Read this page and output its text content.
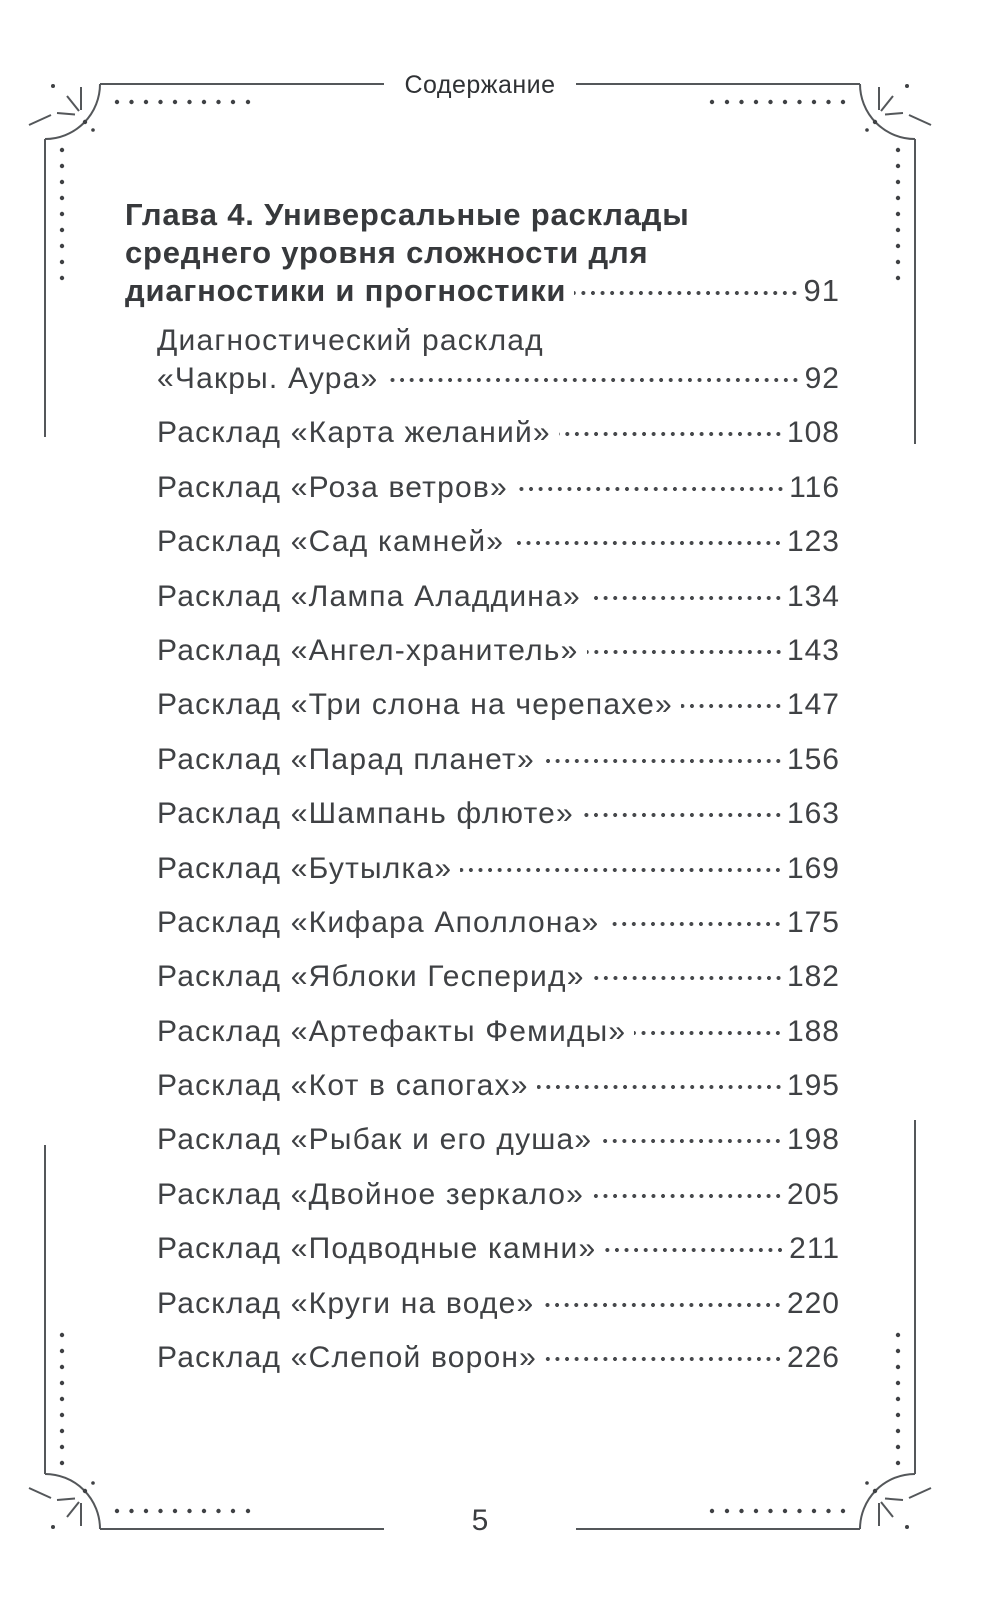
Содержание
Глава 4. Универсальные расклады
среднего уровня сложности для
диагностики и прогностики	91
Диагностический расклад
«Чакры. Аура»	92
Расклад «Карта желаний»	108
Расклад «Роза ветров»	116
Расклад «Сад камней»	123
Расклад «Лампа Аладдина»	134
Расклад «Ангел-хранитель»	143
Расклад «Три слона на черепахе»	147
Расклад «Парад планет»	156
Расклад «Шампань флюте»	163
Расклад «Бутылка»	169
Расклад «Кифара Аполлона»	175
Расклад «Яблоки Гесперид»	182
Расклад «Артефакты Фемиды»	188
Расклад «Кот в сапогах»	195
Расклад «Рыбак и его душа»	198
Расклад «Двойное зеркало»	205
Расклад «Подводные камни»	211
Расклад «Круги на воде»	220
Расклад «Слепой ворон»	226
5
